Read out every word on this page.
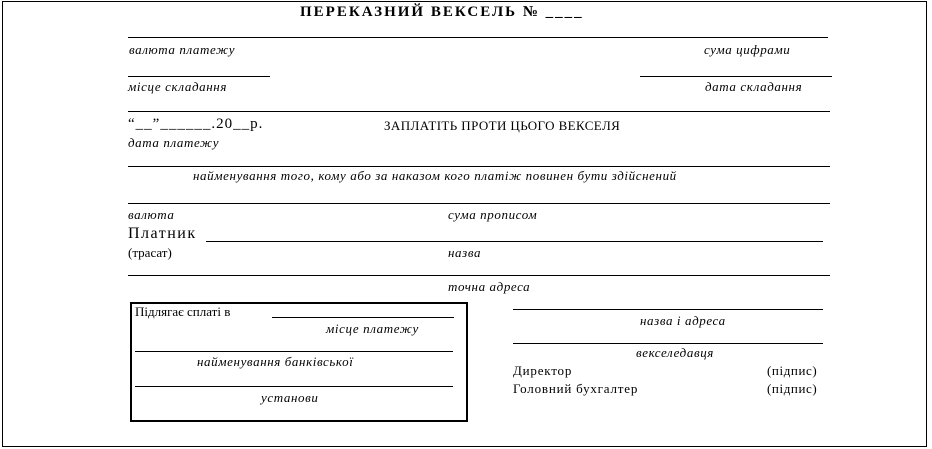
ПЕРЕКАЗНИЙ ВЕКСЕЛЬ № ____
валюта платежу	сума цифрами
місце складання	дата складання
“__”______.20__р.	ЗАПЛАТІТЬ ПРОТИ ЦЬОГО ВЕКСЕЛЯ
дата платежу
найменування того, кому або за наказом кого платіж повинен бути здійснений
валюта	сума прописом
Платник
(трасат)	назва
точна адреса
Підлягає сплаті в
місце платежу
найменування банківської
установи
назва і адреса
векселедавця
Директор	(підпис)
Головний бухгалтер	(підпис)
